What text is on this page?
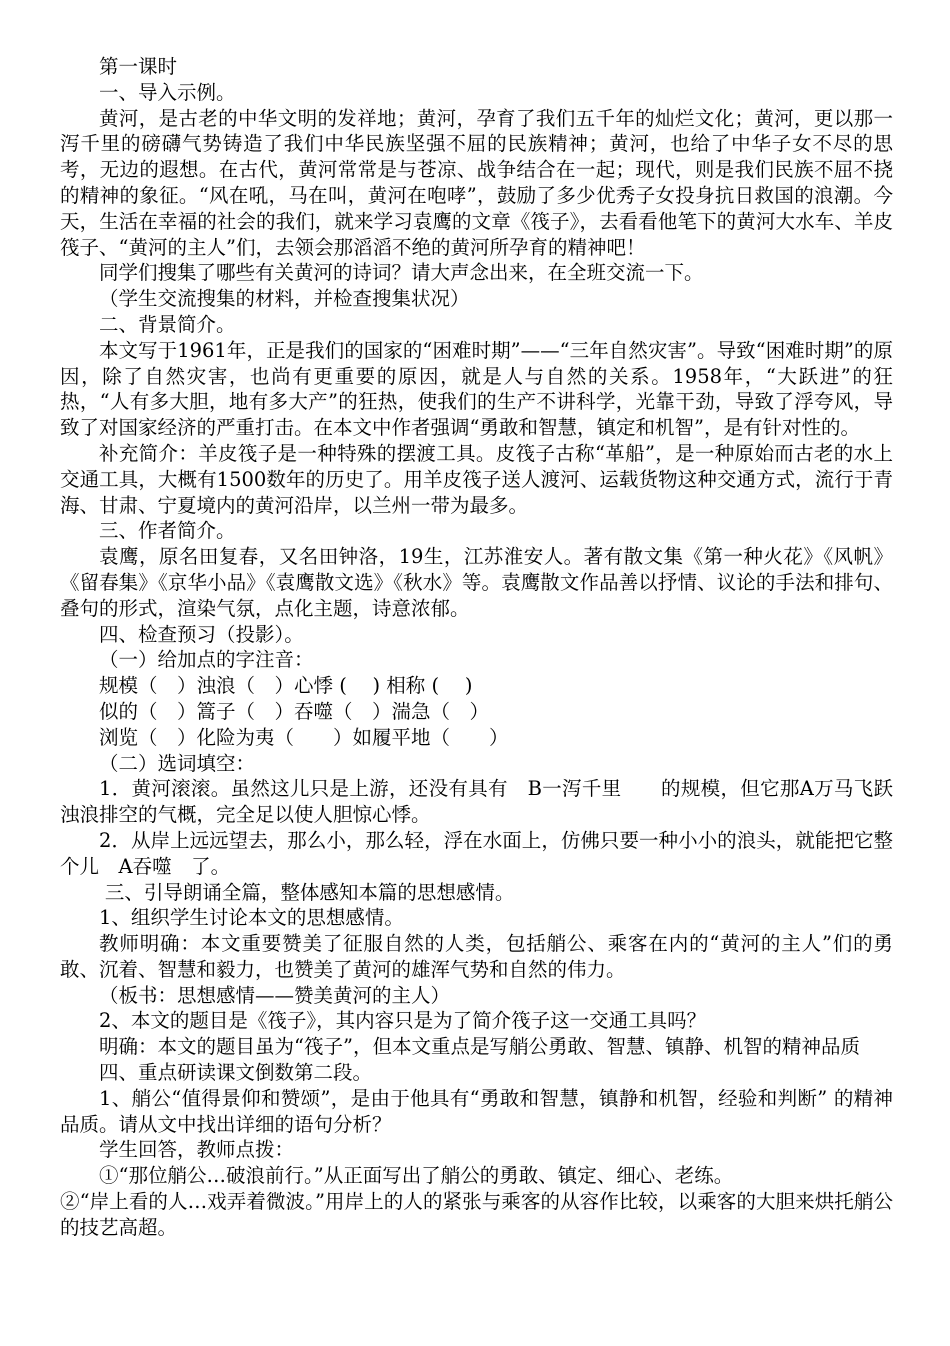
第一课时

一、导入示例。

黄河，是古老的中华文明的发祥地；黄河，孕育了我们五千年的灿烂文化；黄河，更以那一泻千里的磅礴气势铸造了我们中华民族坚强不屈的民族精神；黄河，也给了中华子女不尽的思考，无边的遐想。在古代，黄河常常是与苍凉、战争结合在一起；现代，则是我们民族不屈不挠的精神的象征。“风在吼，马在叫，黄河在咆哮”，鼓励了多少优秀子女投身抗日救国的浪潮。今天，生活在幸福的社会的我们，就来学习袁鹰的文章《筏子》，去看看他笔下的黄河大水车、羊皮筏子、“黄河的主人”们，去领会那滔滔不绝的黄河所孕育的精神吧！

同学们搜集了哪些有关黄河的诗词？请大声念出来，在全班交流一下。

（学生交流搜集的材料，并检查搜集状况）

二、背景简介。

本文写于1961年，正是我们的国家的“困难时期”——“三年自然灾害”。导致“困难时期”的原因，除了自然灾害，也尚有更重要的原因，就是人与自然的关系。1958年，“大跃进”的狂热，“人有多大胆，地有多大产”的狂热，使我们的生产不讲科学，光靠干劲，导致了浮夸风，导致了对国家经济的严重打击。在本文中作者强调“勇敢和智慧，镇定和机智”，是有针对性的。

补充简介：羊皮筏子是一种特殊的摆渡工具。皮筏子古称“革船”，是一种原始而古老的水上交通工具，大概有1500数年的历史了。用羊皮筏子送人渡河、运载货物这种交通方式，流行于青海、甘肃、宁夏境内的黄河沿岸，以兰州一带为最多。

三、作者简介。

袁鹰，原名田复春，又名田钟洛，19生，江苏淮安人。著有散文集《第一种火花》《风帆》《留春集》《京华小品》《袁鹰散文选》《秋水》等。袁鹰散文作品善以抒情、议论的手法和排句、叠句的形式，渲染气氛，点化主题，诗意浓郁。

四、检查预习（投影）。

（一）给加点的字注音：

规模（　）浊浪（　）心悸 (　 ) 相称 (　 )

似的（　）篙子（　）吞噬（　）湍急（　）

浏览（　）化险为夷（　　）如履平地（　　）

（二）选词填空：

1．黄河滚滚。虽然这儿只是上游，还没有具有　B一泻千里　　的规模，但它那A万马飞跃 浊浪排空的气概，完全足以使人胆惊心悸。

2．从岸上远远望去，那么小，那么轻，浮在水面上，仿佛只要一种小小的浪头，就能把它整个儿　A吞噬　了。

三、引导朗诵全篇，整体感知本篇的思想感情。

1、组织学生讨论本文的思想感情。

教师明确：本文重要赞美了征服自然的人类，包括艄公、乘客在内的“黄河的主人”们的勇敢、沉着、智慧和毅力，也赞美了黄河的雄浑气势和自然的伟力。

（板书：思想感情——赞美黄河的主人）

2、本文的题目是《筏子》，其内容只是为了简介筏子这一交通工具吗？

明确：本文的题目虽为“筏子”，但本文重点是写艄公勇敢、智慧、镇静、机智的精神品质

四、重点研读课文倒数第二段。

1、艄公“值得景仰和赞颂”，是由于他具有“勇敢和智慧，镇静和机智，经验和判断” 的精神品质。请从文中找出详细的语句分析？

学生回答，教师点拨：

①“那位艄公…破浪前行。”从正面写出了艄公的勇敢、镇定、细心、老练。

②“岸上看的人…戏弄着微波。”用岸上的人的紧张与乘客的从容作比较，以乘客的大胆来烘托艄公的技艺高超。
